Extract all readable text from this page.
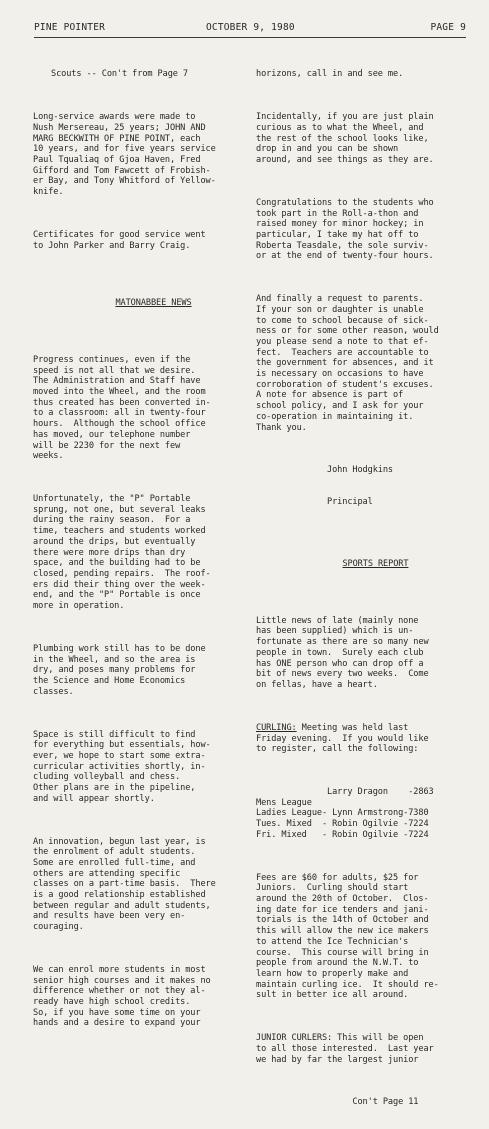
PINE POINTER	OCTOBER 9, 1980	PAGE 9

Scouts -- Con't from Page 7

Long-service awards were made to
Nush Mersereau, 25 years; JOHN AND
MARG BECKWITH OF PINE POINT, each
10 years, and for five years service
Paul Tqualiaq of Gjoa Haven, Fred
Gifford and Tom Fawcett of Frobish-
er Bay, and Tony Whitford of Yellow-
knife.

Certificates for good service went
to John Parker and Barry Craig.

MATONABBEE NEWS

Progress continues, even if the
speed is not all that we desire.
The Administration and Staff have
moved into the Wheel, and the room
thus created has been converted in-
to a classroom: all in twenty-four
hours.  Although the school office
has moved, our telephone number
will be 2230 for the next few
weeks.

Unfortunately, the "P" Portable
sprung, not one, but several leaks
during the rainy season.  For a
time, teachers and students worked
around the drips, but eventually
there were more drips than dry
space, and the building had to be
closed, pending repairs.  The roof-
ers did their thing over the week-
end, and the "P" Portable is once
more in operation.

Plumbing work still has to be done
in the Wheel, and so the area is
dry, and poses many problems for
the Science and Home Economics
classes.

Space is still difficult to find
for everything but essentials, how-
ever, we hope to start some extra-
curricular activities shortly, in-
cluding volleyball and chess.
Other plans are in the pipeline,
and will appear shortly.

An innovation, begun last year, is
the enrolment of adult students.
Some are enrolled full-time, and
others are attending specific
classes on a part-time basis.  There
is a good relationship established
between regular and adult students,
and results have been very en-
couraging.

We can enrol more students in most
senior high courses and it makes no
difference whether or not they al-
ready have high school credits.
So, if you have some time on your
hands and a desire to expand your

horizons, call in and see me.

Incidentally, if you are just plain
curious as to what the Wheel, and
the rest of the school looks like,
drop in and you can be shown
around, and see things as they are.

Congratulations to the students who
took part in the Roll-a-thon and
raised money for minor hockey; in
particular, I take my hat off to
Roberta Teasdale, the sole surviv-
or at the end of twenty-four hours.

And finally a request to parents.
If your son or daughter is unable
to come to school because of sick-
ness or for some other reason, would
you please send a note to that ef-
fect.  Teachers are accountable to
the government for absences, and it
is necessary on occasions to have
corroboration of student's excuses.
A note for absence is part of
school policy, and I ask for your
co-operation in maintaining it.
Thank you.

John Hodgkins

Principal

SPORTS REPORT

Little news of late (mainly none
has been supplied) which is un-
fortunate as there are so many new
people in town.  Surely each club
has ONE person who can drop off a
bit of news every two weeks.  Come
on fellas, have a heart.

CURLING: Meeting was held last
Friday evening.  If you would like
to register, call the following:

Larry Dragon    -2863
Mens League
Ladies League- Lynn Armstrong-7380
Tues. Mixed  - Robin Ogilvie -7224
Fri. Mixed   - Robin Ogilvie -7224

Fees are $60 for adults, $25 for
Juniors.  Curling should start
around the 20th of October.  Clos-
ing date for ice tenders and jani-
torials is the 14th of October and
this will allow the new ice makers
to attend the Ice Technician's
course.  This course will bring in
people from around the N.W.T. to
learn how to properly make and
maintain curling ice.  It should re-
sult in better ice all around.

JUNIOR CURLERS: This will be open
to all those interested.  Last year
we had by far the largest junior

Con't Page 11
